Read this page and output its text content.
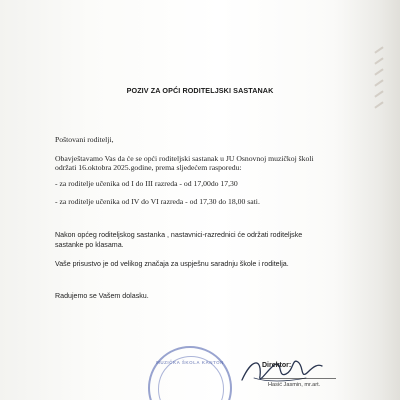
POZIV ZA OPĆI RODITELJSKI SASTANAK
Poštovani roditelji,
Obavještavamo Vas da će se opći roditeljski sastanak u JU Osnovnoj muzičkoj školi
održati 16.oktobra 2025.godine, prema sljedećem rasporedu:
- za roditelje učenika od I do III razreda - od 17,00do 17,30
- za roditelje učenika od IV do VI razreda - od 17,30 do 18,00 sati.
Nakon općeg roditeljskog sastanka , nastavnici-razrednici će održati roditeljske
sastanke po klasama.
Vaše prisustvo je od velikog značaja za uspješnu saradnju škole i roditelja.
Radujemo se Vašem dolasku.
MUZIČKA ŠKOLA KANTON	Direktor:
Hasić Jasmin, mr.art.
